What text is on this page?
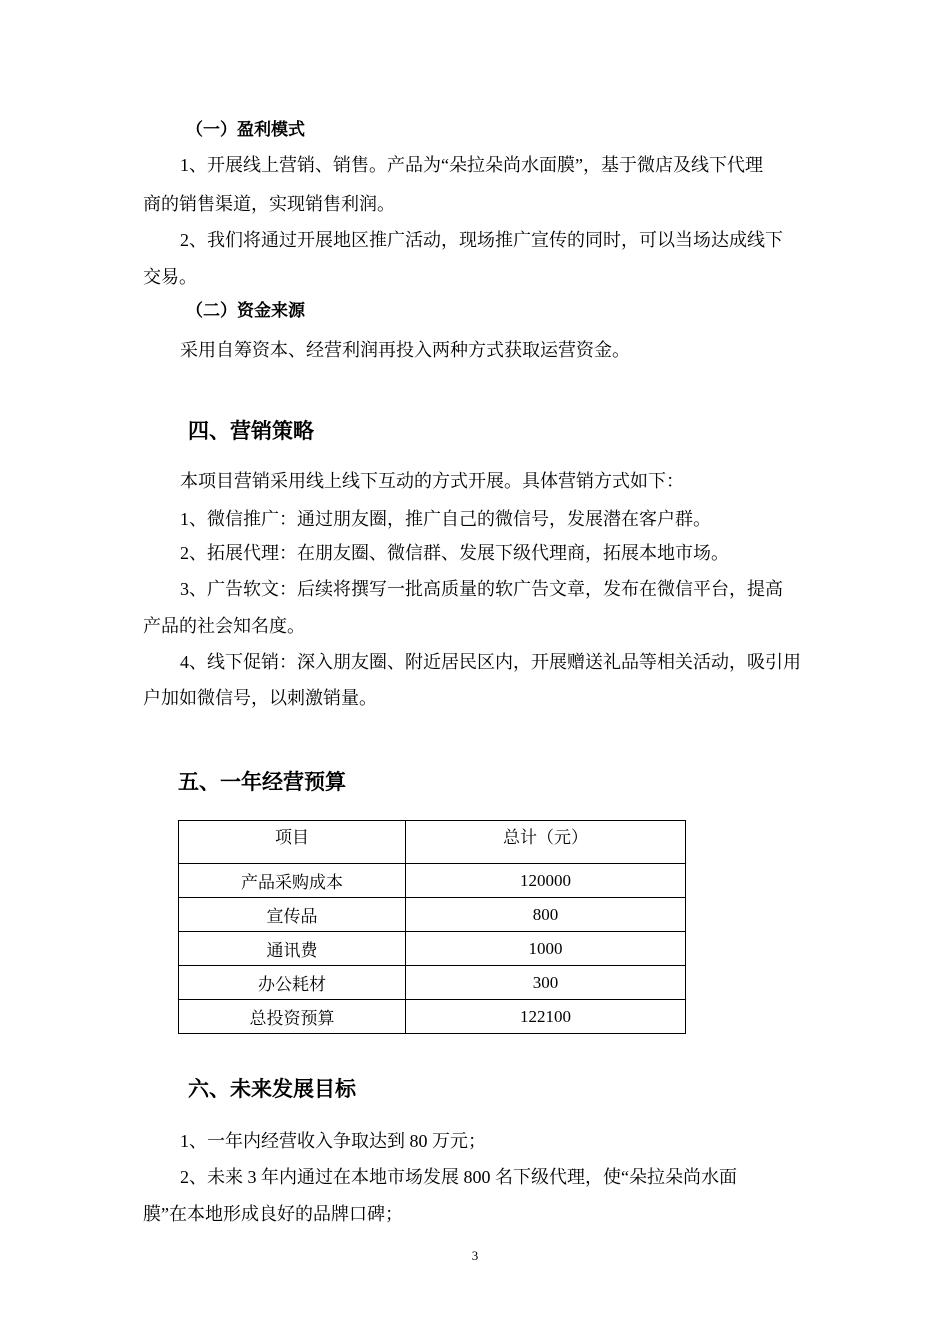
（一）盈利模式
1、开展线上营销、销售。产品为“朵拉朵尚水面膜”，基于微店及线下代理
商的销售渠道，实现销售利润。
2、我们将通过开展地区推广活动，现场推广宣传的同时，可以当场达成线下
交易。
（二）资金来源
采用自筹资本、经营利润再投入两种方式获取运营资金。
四、营销策略
本项目营销采用线上线下互动的方式开展。具体营销方式如下：
1、微信推广：通过朋友圈，推广自己的微信号，发展潜在客户群。
2、拓展代理：在朋友圈、微信群、发展下级代理商，拓展本地市场。
3、广告软文：后续将撰写一批高质量的软广告文章，发布在微信平台，提高
产品的社会知名度。
4、线下促销：深入朋友圈、附近居民区内，开展赠送礼品等相关活动，吸引用
户加如微信号，以刺激销量。
五、一年经营预算
项目	总计（元）
产品采购成本	120000
宣传品	800
通讯费	1000
办公耗材	300
总投资预算	122100
六、未来发展目标
1、一年内经营收入争取达到 80 万元；
2、未来 3 年内通过在本地市场发展 800 名下级代理，使“朵拉朵尚水面
膜”在本地形成良好的品牌口碑；
3
